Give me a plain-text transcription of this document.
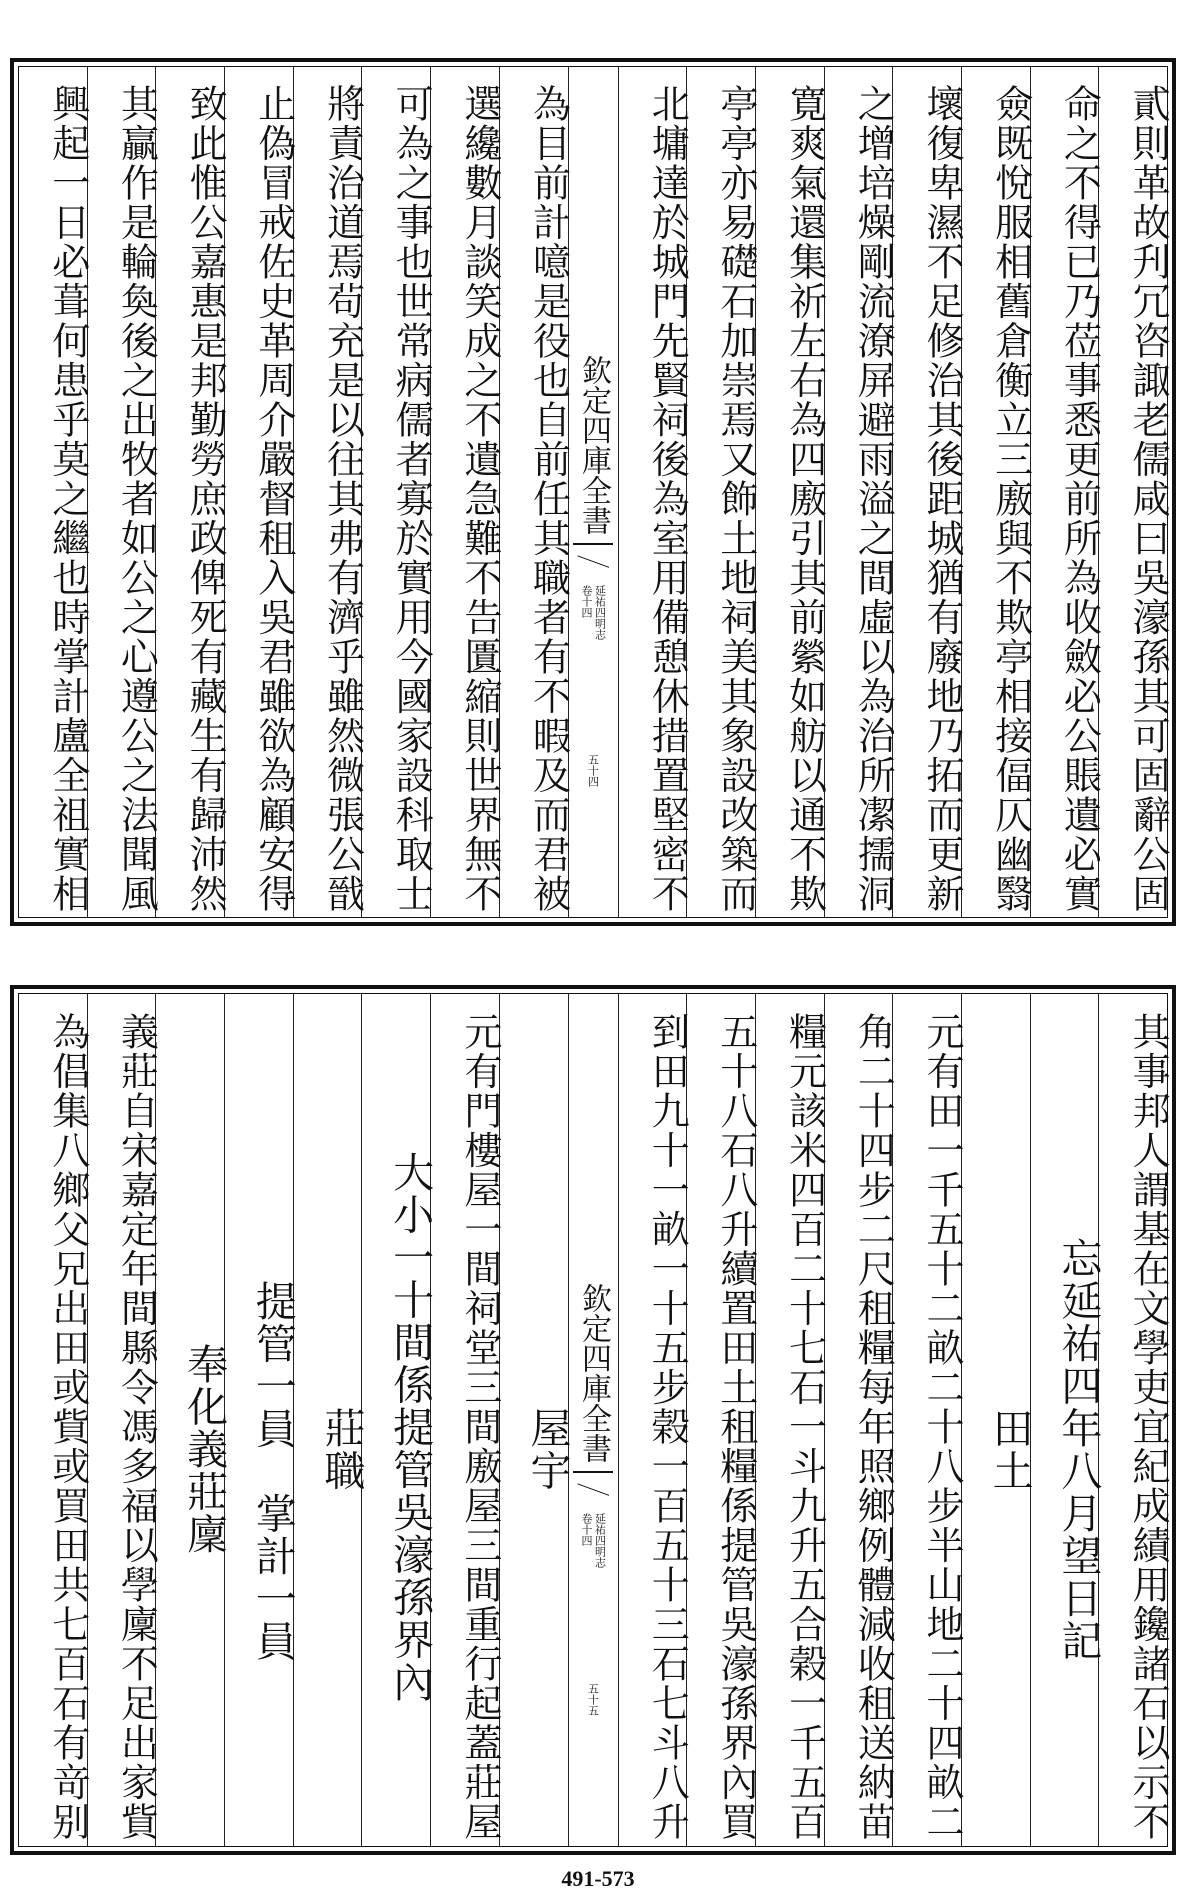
貳則革故刋冗咨諏老儒咸曰吳濠孫其可固辭公固
命之不得已乃莅事悉更前所為收斂必公賬遺必實
僉既悅服相舊倉衡立三廒與不欺亭相接偪仄幽翳
壞復卑濕不足修治其後距城猶有廢地乃拓而更新
之增培燥剛流潦屏避雨溢之間虛以為治所㓗擩洞
寛爽氣還集祈左右為四廒引其前縈如舫以通不欺
亭亭亦易礎石加崇焉又飾土地祠美其象設改築而
北墉達於城門先賢祠後為室用備憩休措置堅密不
欽定四庫全書
延祐四明志
卷十四
五十四
為目前計噫是役也自前任其職者有不暇及而君被
選纔數月談笑成之不遺急難不告匱縮則世界無不
可為之事也世常病儒者寡於實用今國家設科取士
將責治道焉茍充是以往其弗有濟乎雖然微張公戩
止偽冒戒佐史革周介嚴督租入吳君雖欲為顧安得
致此惟公嘉惠是邦勤勞庶政俾死有藏生有歸沛然
其贏作是輪奐後之出牧者如公之心遵公之法聞風
興起一日必葺何患乎莫之繼也時掌計盧全祖實相
其事邦人謂基在文學吏宜紀成績用鑱諸石以示不
忘延祐四年八月望日記
田土
元有田一千五十二畝二十八步半山地二十四畝二
角二十四步二尺租糧每年照鄉例體減收租送納苗
糧元該米四百二十七石一斗九升五合榖一千五百
五十八石八升續置田土租糧係提管吳濠孫界內買
到田九十一畝一十五步榖一百五十三石七斗八升
欽定四庫全書
延祐四明志
卷十四
五十五
屋宇
元有門樓屋一間祠堂三間廒屋三間重行起蓋莊屋
大小一十間係提管吳濠孫界內
莊職
提管一員　掌計一員
奉化義莊廩
義莊自宋嘉定年間縣令馮多福以學廩不足出家貲
為倡集八鄉父兄出田或貲或買田共七百石有竒别
491-573
